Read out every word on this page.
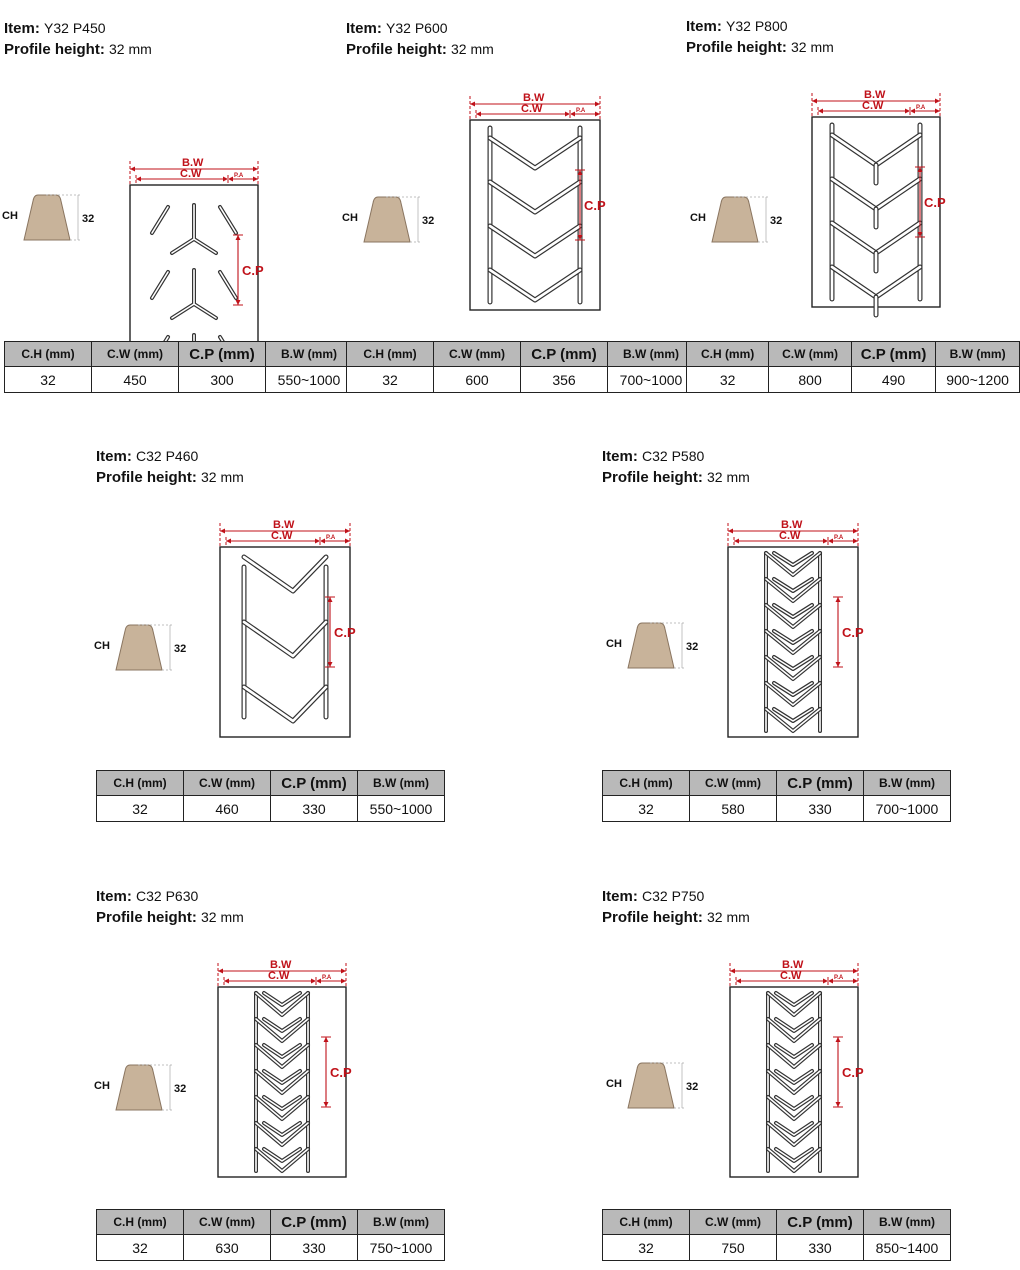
Item: Y32 P450
Profile height: 32 mm
CH	32
B.W
C.W	P.A
C.P
C.H (mm)	C.W (mm)	C.P (mm)	B.W (mm)
32	450	300	550~1000
Item: Y32 P600
Profile height: 32 mm
CH	32
B.W
C.W	P.A
C.P
C.H (mm)	C.W (mm)	C.P (mm)	B.W (mm)
32	600	356	700~1000
Item: Y32 P800
Profile height: 32 mm
CH	32
B.W
C.W	P.A
C.P
C.H (mm)	C.W (mm)	C.P (mm)	B.W (mm)
32	800	490	900~1200
Item: C32 P460
Profile height: 32 mm
CH	32
B.W
C.W	P.A
C.P
C.H (mm)	C.W (mm)	C.P (mm)	B.W (mm)
32	460	330	550~1000
Item: C32 P580
Profile height: 32 mm
CH	32
B.W
C.W	P.A
C.P
C.H (mm)	C.W (mm)	C.P (mm)	B.W (mm)
32	580	330	700~1000
Item: C32 P630
Profile height: 32 mm
CH	32
B.W
C.W	P.A
C.P
C.H (mm)	C.W (mm)	C.P (mm)	B.W (mm)
32	630	330	750~1000
Item: C32 P750
Profile height: 32 mm
CH	32
B.W
C.W	P.A
C.P
C.H (mm)	C.W (mm)	C.P (mm)	B.W (mm)
32	750	330	850~1400
